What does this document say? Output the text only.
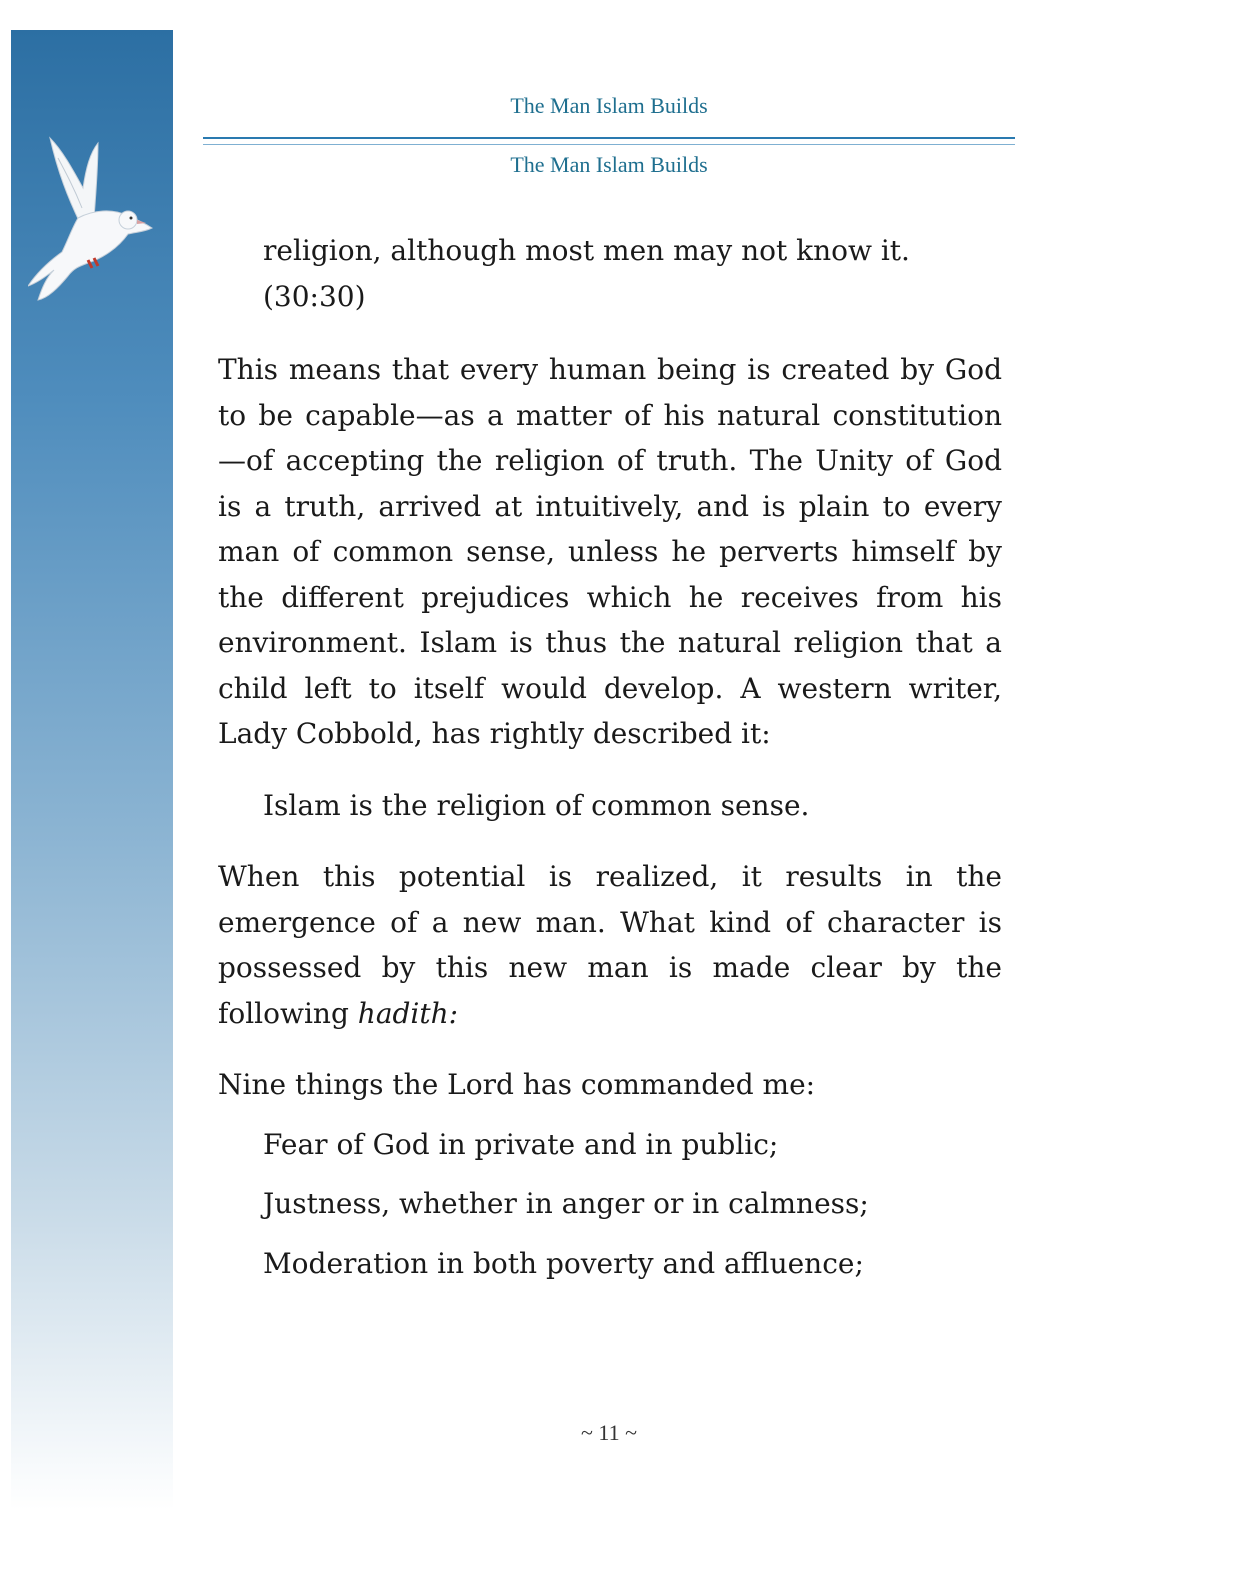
The Man Islam Builds
The Man Islam Builds

religion, although most men may not know it.

(30:30)

This means that every human being is created by God to be capable—as a matter of his natural constitution—of accepting the religion of truth. The Unity of God is a truth, arrived at intuitively, and is plain to every man of common sense, unless he perverts himself by the different prejudices which he receives from his environment. Islam is thus the natural religion that a child left to itself would develop. A western writer, Lady Cobbold, has rightly described it:

Islam is the religion of common sense.

When this potential is realized, it results in the emergence of a new man. What kind of character is possessed by this new man is made clear by the following hadith:

Nine things the Lord has commanded me:

Fear of God in private and in public;

Justness, whether in anger or in calmness;

Moderation in both poverty and affluence;

~ 11 ~
